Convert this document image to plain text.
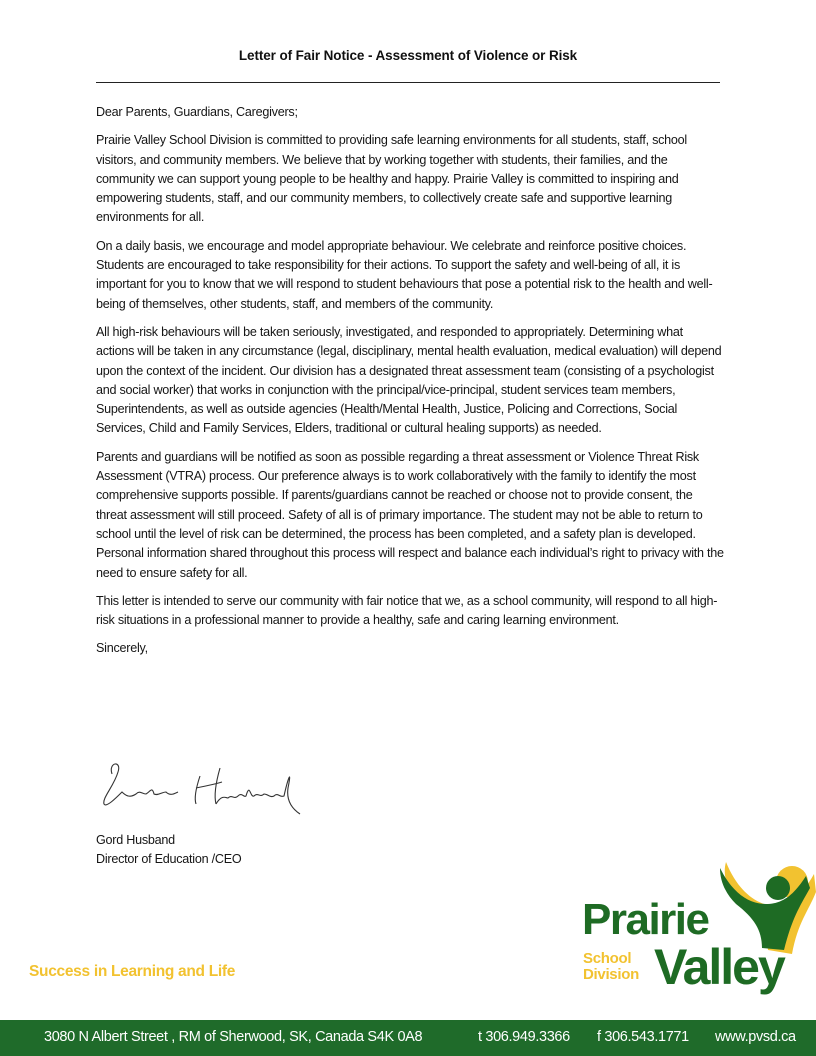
Letter of Fair Notice - Assessment of Violence or Risk

Dear Parents, Guardians, Caregivers;

Prairie Valley School Division is committed to providing safe learning environments for all students, staff, school visitors, and community members. We believe that by working together with students, their families, and the community we can support young people to be healthy and happy. Prairie Valley is committed to inspiring and empowering students, staff, and our community members, to collectively create safe and supportive learning environments for all.

On a daily basis, we encourage and model appropriate behaviour. We celebrate and reinforce positive choices. Students are encouraged to take responsibility for their actions. To support the safety and well-being of all, it is important for you to know that we will respond to student behaviours that pose a potential risk to the health and well-being of themselves, other students, staff, and members of the community.

All high-risk behaviours will be taken seriously, investigated, and responded to appropriately. Determining what actions will be taken in any circumstance (legal, disciplinary, mental health evaluation, medical evaluation) will depend upon the context of the incident. Our division has a designated threat assessment team (consisting of a psychologist and social worker) that works in conjunction with the principal/vice-principal, student services team members, Superintendents, as well as outside agencies (Health/Mental Health, Justice, Policing and Corrections, Social Services, Child and Family Services, Elders, traditional or cultural healing supports) as needed.

Parents and guardians will be notified as soon as possible regarding a threat assessment or Violence Threat Risk Assessment (VTRA) process. Our preference always is to work collaboratively with the family to identify the most comprehensive supports possible. If parents/guardians cannot be reached or choose not to provide consent, the threat assessment will still proceed. Safety of all is of primary importance. The student may not be able to return to school until the level of risk can be determined, the process has been completed, and a safety plan is developed. Personal information shared throughout this process will respect and balance each individual’s right to privacy with the need to ensure safety for all.

This letter is intended to serve our community with fair notice that we, as a school community, will respond to all high-risk situations in a professional manner to provide a healthy, safe and caring learning environment.

Sincerely,

Gord Husband
Director of Education /CEO
Success in Learning and Life
Prairie
School
Division Valley
3080 N Albert Street , RM of Sherwood, SK, Canada S4K 0A8	t 306.949.3366 f 306.543.1771 www.pvsd.ca
